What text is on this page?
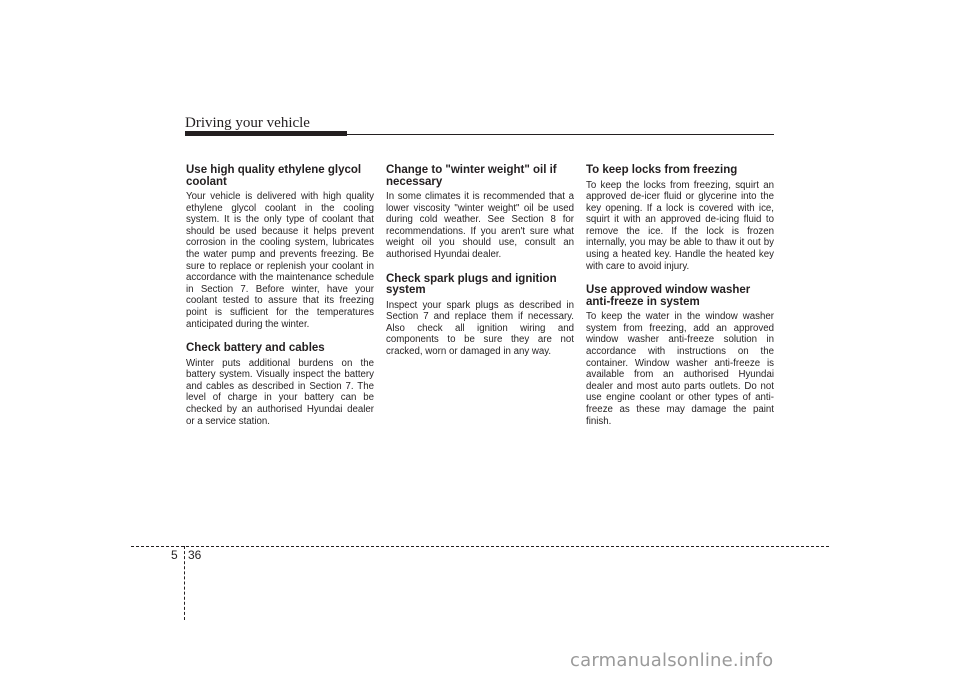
Driving your vehicle
Use high quality ethylene glycol coolant

Your vehicle is delivered with high quality ethylene glycol coolant in the cooling system. It is the only type of coolant that should be used because it helps prevent corrosion in the cooling system, lubricates the water pump and prevents freezing. Be sure to replace or replenish your coolant in accordance with the maintenance schedule in Section 7. Before winter, have your coolant tested to assure that its freezing point is sufficient for the temperatures anticipated during the winter.

Check battery and cables

Winter puts additional burdens on the battery system. Visually inspect the battery and cables as described in Section 7. The level of charge in your battery can be checked by an authorised Hyundai dealer or a service station.

Change to "winter weight" oil if necessary

In some climates it is recommended that a lower viscosity "winter weight" oil be used during cold weather. See Section 8 for recommendations. If you aren't sure what weight oil you should use, consult an authorised Hyundai dealer.

Check spark plugs and ignition system

Inspect your spark plugs as described in Section 7 and replace them if necessary. Also check all ignition wiring and components to be sure they are not cracked, worn or damaged in any way.

To keep locks from freezing

To keep the locks from freezing, squirt an approved de-icer fluid or glycerine into the key opening. If a lock is covered with ice, squirt it with an approved de-icing fluid to remove the ice. If the lock is frozen internally, you may be able to thaw it out by using a heated key. Handle the heated key with care to avoid injury.

Use approved window washer anti-freeze in system

To keep the water in the window washer system from freezing, add an approved window washer anti-freeze solution in accordance with instructions on the container. Window washer anti-freeze is available from an authorised Hyundai dealer and most auto parts outlets. Do not use engine coolant or other types of anti-freeze as these may damage the paint finish.

5 36
carmanualsonline.info
